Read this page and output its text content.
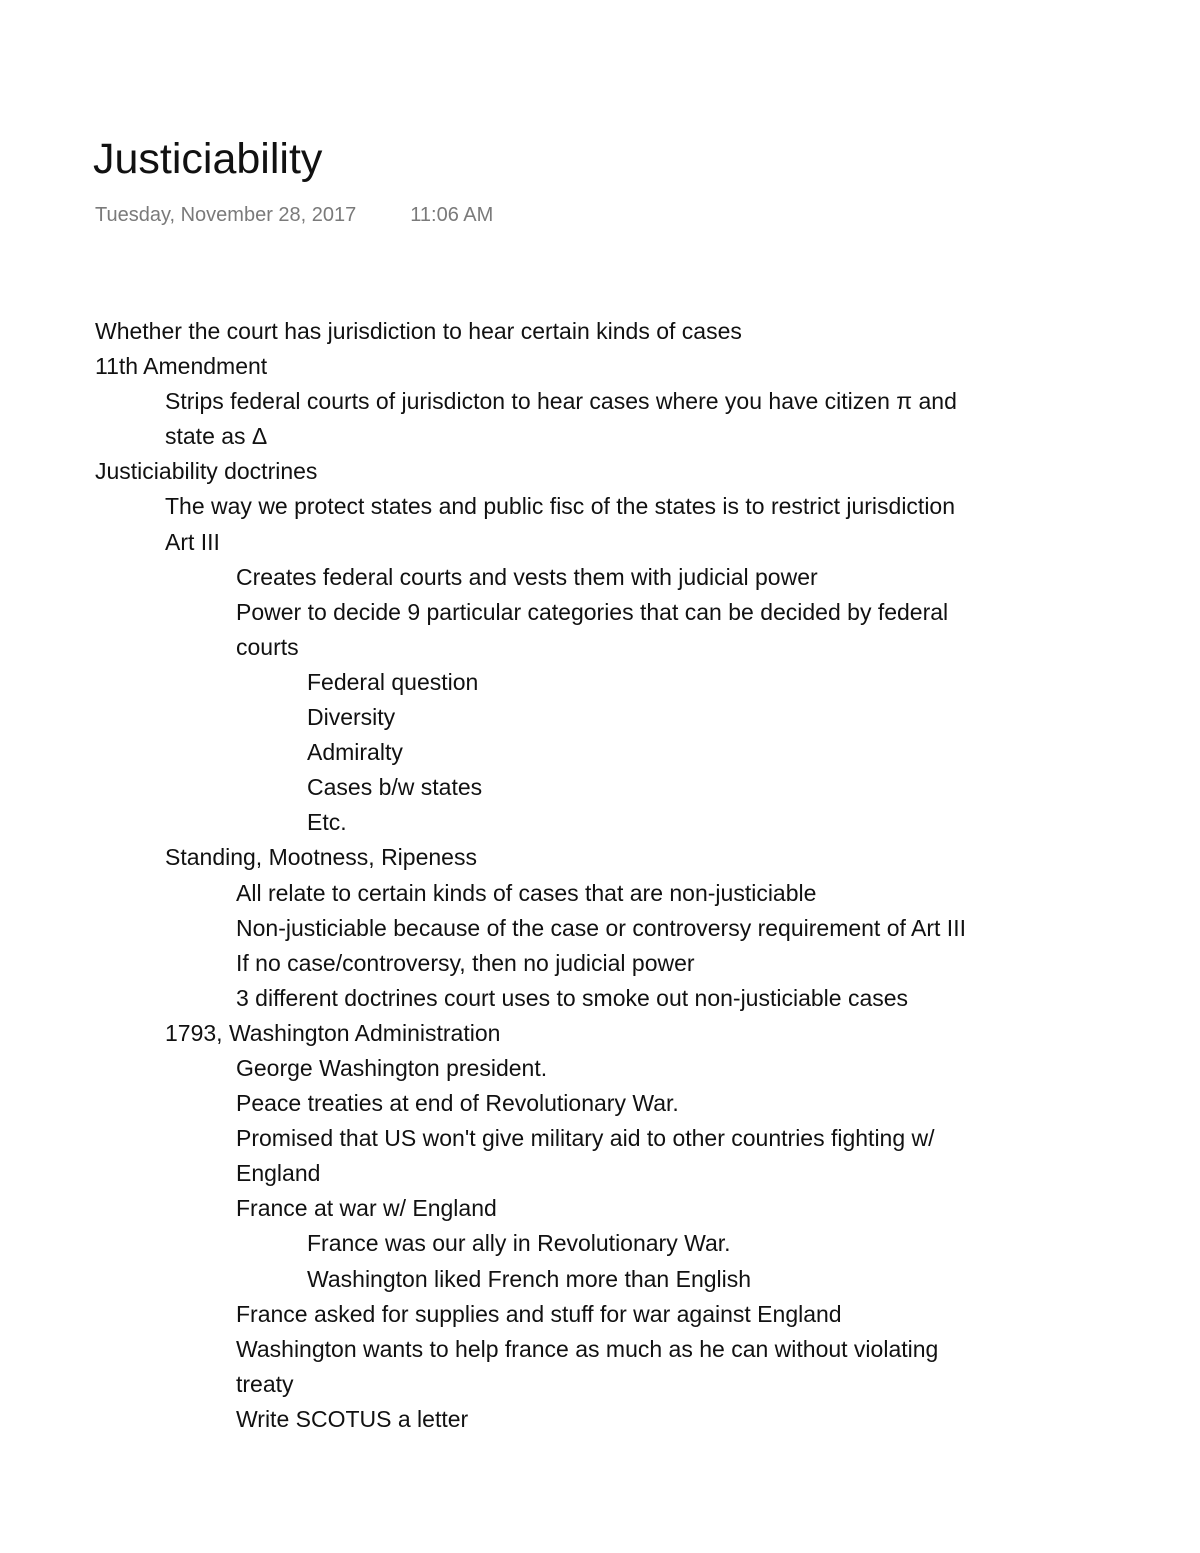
Justiciability
Tuesday, November 28, 2017	11:06 AM
Whether the court has jurisdiction to hear certain kinds of cases
11th Amendment
Strips federal courts of jurisdicton to hear cases where you have citizen π and
state as Δ
Justiciability doctrines
The way we protect states and public fisc of the states is to restrict jurisdiction
Art III
Creates federal courts and vests them with judicial power
Power to decide 9 particular categories that can be decided by federal
courts
Federal question
Diversity
Admiralty
Cases b/w states
Etc.
Standing, Mootness, Ripeness
All relate to certain kinds of cases that are non-justiciable
Non-justiciable because of the case or controversy requirement of Art III
If no case/controversy, then no judicial power
3 different doctrines court uses to smoke out non-justiciable cases
1793, Washington Administration
George Washington president.
Peace treaties at end of Revolutionary War.
Promised that US won't give military aid to other countries fighting w/
England
France at war w/ England
France was our ally in Revolutionary War.
Washington liked French more than English
France asked for supplies and stuff for war against England
Washington wants to help france as much as he can without violating
treaty
Write SCOTUS a letter
